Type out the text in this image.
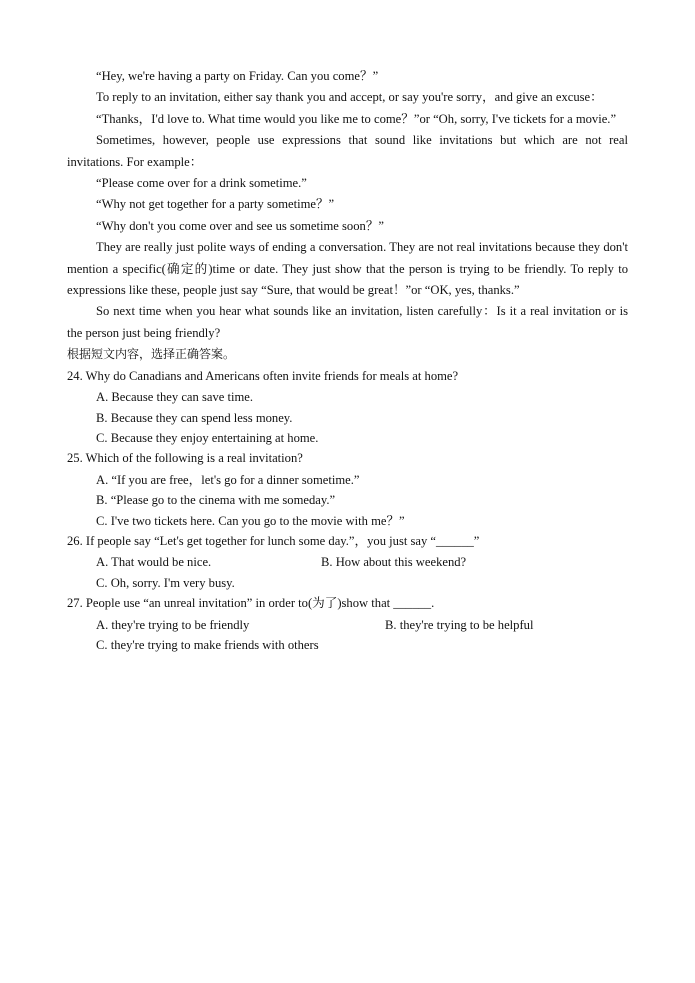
“Hey, we're having a party on Friday. Can you come？”

To reply to an invitation, either say thank you and accept, or say you're sorry，and give an excuse：

“Thanks，I'd love to. What time would you like me to come？”or “Oh, sorry, I've tickets for a movie.”

Sometimes, however, people use expressions that sound like invitations but which are not real invitations. For example：

“Please come over for a drink sometime.”

“Why not get together for a party sometime？”

“Why don't you come over and see us sometime soon？”

They are really just polite ways of ending a conversation. They are not real invitations because they don't mention a specific(确定的)time or date. They just show that the person is trying to be friendly. To reply to expressions like these, people just say “Sure, that would be great！”or “OK, yes, thanks.”

So next time when you hear what sounds like an invitation, listen carefully：Is it a real invitation or is the person just being friendly?

根据短文内容，选择正确答案。

24. Why do Canadians and Americans often invite friends for meals at home?

A. Because they can save time.

B. Because they can spend less money.

C. Because they enjoy entertaining at home.

25. Which of the following is a real invitation?

A. “If you are free，let's go for a dinner sometime.”

B. “Please go to the cinema with me someday.”

C. I've two tickets here. Can you go to the movie with me？”

26. If people say “Let's get together for lunch some day.”，you just say “______”

A. That would be nice.	B. How about this weekend?

C. Oh, sorry. I'm very busy.

27. People use “an unreal invitation” in order to(为了)show that ______.

A. they're trying to be friendly	B. they're trying to be helpful

C. they're trying to make friends with others
